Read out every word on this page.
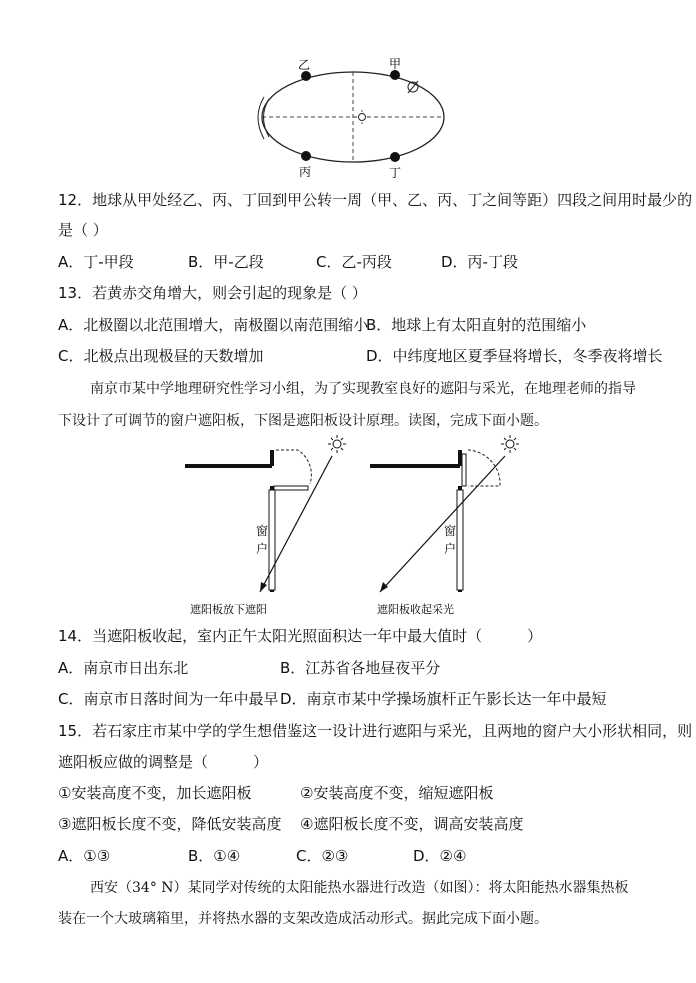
乙	甲
丙	丁
12．地球从甲处经乙、丙、丁回到甲公转一周（甲、乙、丙、丁之间等距）四段之间用时最少的
是（ ）
A．丁-甲段	B．甲-乙段	C．乙-丙段	D．丙-丁段
13．若黄赤交角增大，则会引起的现象是（ ）
A．北极圈以北范围增大，南极圈以南范围缩小
B．地球上有太阳直射的范围缩小
C．北极点出现极昼的天数增加	D．中纬度地区夏季昼将增长，冬季夜将增长
南京市某中学地理研究性学习小组，为了实现教室良好的遮阳与采光，在地理老师的指导
下设计了可调节的窗户遮阳板，下图是遮阳板设计原理。读图，完成下面小题。
窗
户
遮阳板放下遮阳
窗
户
遮阳板收起采光
14．当遮阳板收起，室内正午太阳光照面积达一年中最大值时（　　　）
A．南京市日出东北	B．江苏省各地昼夜平分
C．南京市日落时间为一年中最早 D．南京市某中学操场旗杆正午影长达一年中最短
15．若石家庄市某中学的学生想借鉴这一设计进行遮阳与采光，且两地的窗户大小形状相同，则
遮阳板应做的调整是（　　　）
①安装高度不变，加长遮阳板	②安装高度不变，缩短遮阳板
③遮阳板长度不变，降低安装高度 ④遮阳板长度不变，调高安装高度
A．①③	B．①④	C．②③	D．②④
西安（34° N）某同学对传统的太阳能热水器进行改造（如图）：将太阳能热水器集热板
装在一个大玻璃箱里，并将热水器的支架改造成活动形式。据此完成下面小题。
